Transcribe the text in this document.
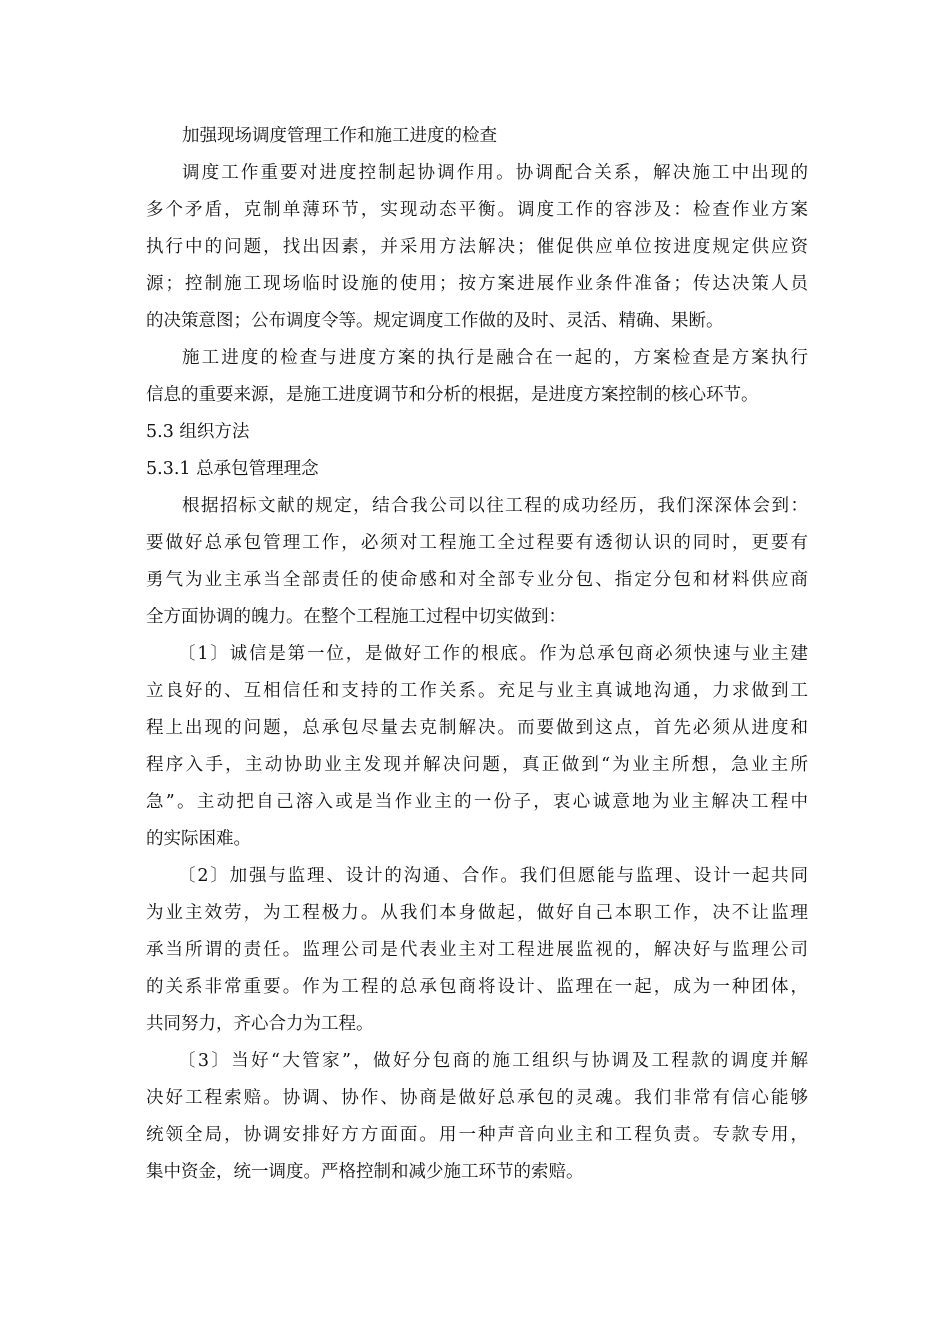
加强现场调度管理工作和施工进度的检查
调度工作重要对进度控制起协调作用。协调配合关系，解决施工中出现的
多个矛盾，克制单薄环节，实现动态平衡。调度工作的容涉及：检查作业方案
执行中的问题，找出因素，并采用方法解决；催促供应单位按进度规定供应资
源；控制施工现场临时设施的使用；按方案进展作业条件准备；传达决策人员
的决策意图；公布调度令等。规定调度工作做的及时、灵活、精确、果断。
施工进度的检查与进度方案的执行是融合在一起的，方案检查是方案执行
信息的重要来源，是施工进度调节和分析的根据，是进度方案控制的核心环节。
5.3 组织方法
5.3.1 总承包管理理念
根据招标文献的规定，结合我公司以往工程的成功经历，我们深深体会到：
要做好总承包管理工作，必须对工程施工全过程要有透彻认识的同时，更要有
勇气为业主承当全部责任的使命感和对全部专业分包、指定分包和材料供应商
全方面协调的魄力。在整个工程施工过程中切实做到：
〔1〕诚信是第一位，是做好工作的根底。作为总承包商必须快速与业主建
立良好的、互相信任和支持的工作关系。充足与业主真诚地沟通，力求做到工
程上出现的问题，总承包尽量去克制解决。而要做到这点，首先必须从进度和
程序入手，主动协助业主发现并解决问题，真正做到“为业主所想，急业主所
急”。主动把自己溶入或是当作业主的一份子，衷心诚意地为业主解决工程中
的实际困难。
〔2〕加强与监理、设计的沟通、合作。我们但愿能与监理、设计一起共同
为业主效劳，为工程极力。从我们本身做起，做好自己本职工作，决不让监理
承当所谓的责任。监理公司是代表业主对工程进展监视的，解决好与监理公司
的关系非常重要。作为工程的总承包商将设计、监理在一起，成为一种团体，
共同努力，齐心合力为工程。
〔3〕当好“大管家”，做好分包商的施工组织与协调及工程款的调度并解
决好工程索赔。协调、协作、协商是做好总承包的灵魂。我们非常有信心能够
统领全局，协调安排好方方面面。用一种声音向业主和工程负责。专款专用，
集中资金，统一调度。严格控制和减少施工环节的索赔。
